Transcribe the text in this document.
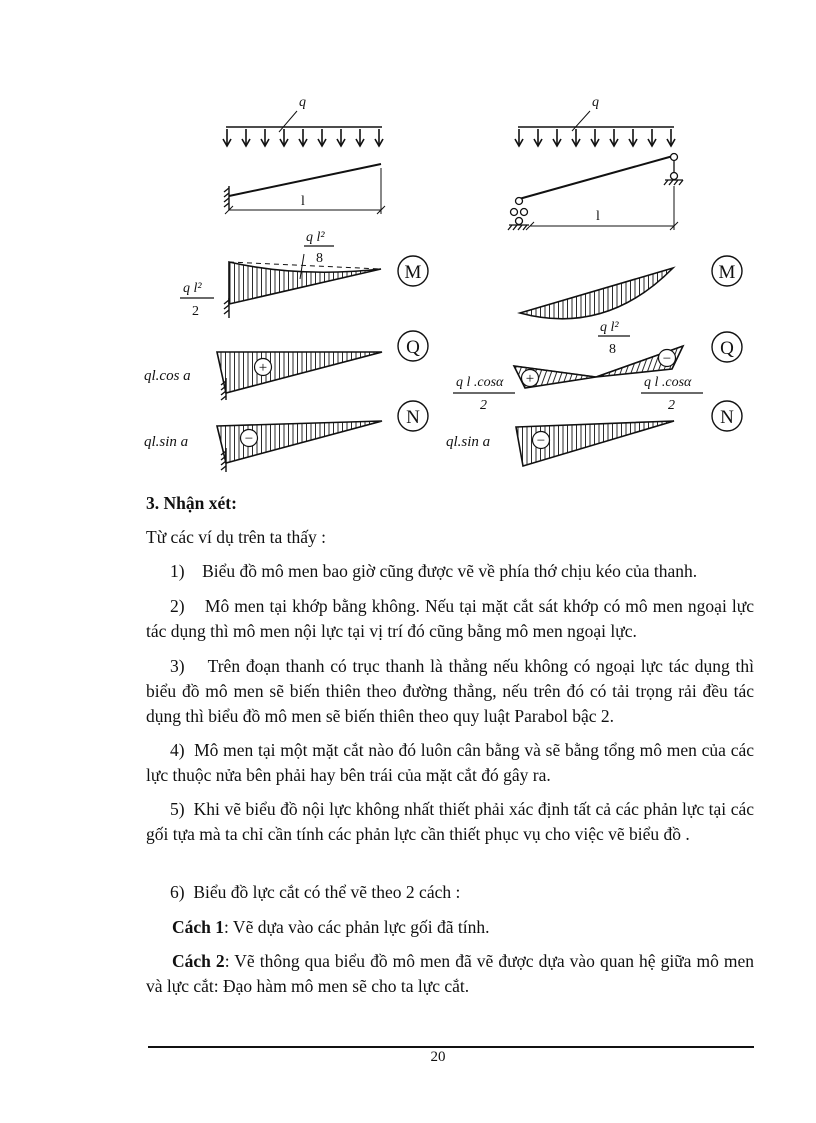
q
l
q l²
8
q l²
2
+
ql.cos a
−
ql.sin a
q
l
q l²
8
+
−
q l .cosα
2
q l .cosα
2
−
ql.sin a
M
Q
N
M
Q
N
3. Nhận xét:
Từ các ví dụ trên ta thấy :
1) Biểu đồ mô men bao giờ cũng được vẽ về phía thớ chịu kéo của thanh.
2) Mô men tại khớp bằng không. Nếu tại mặt cắt sát khớp có mô men ngoại lực tác dụng thì mô men nội lực tại vị trí đó cũng bằng mô men ngoại lực.
3) Trên đoạn thanh có trục thanh là thẳng nếu không có ngoại lực tác dụng thì biểu đồ mô men sẽ biến thiên theo đường thẳng, nếu trên đó có tải trọng rải đều tác dụng thì biểu đồ mô men sẽ biến thiên theo quy luật Parabol bậc 2.
4) Mô men tại một mặt cắt nào đó luôn cân bằng và sẽ bằng tổng mô men của các lực thuộc nửa bên phải hay bên trái của mặt cắt đó gây ra.
5) Khi vẽ biểu đồ nội lực không nhất thiết phải xác định tất cả các phản lực tại các gối tựa mà ta chỉ cần tính các phản lực cần thiết phục vụ cho việc vẽ biểu đồ .
6) Biểu đồ lực cắt có thể vẽ theo 2 cách :
Cách 1: Vẽ dựa vào các phản lực gối đã tính.
Cách 2: Vẽ thông qua biểu đồ mô men đã vẽ được dựa vào quan hệ giữa mô men và lực cắt: Đạo hàm mô men sẽ cho ta lực cắt.
20
